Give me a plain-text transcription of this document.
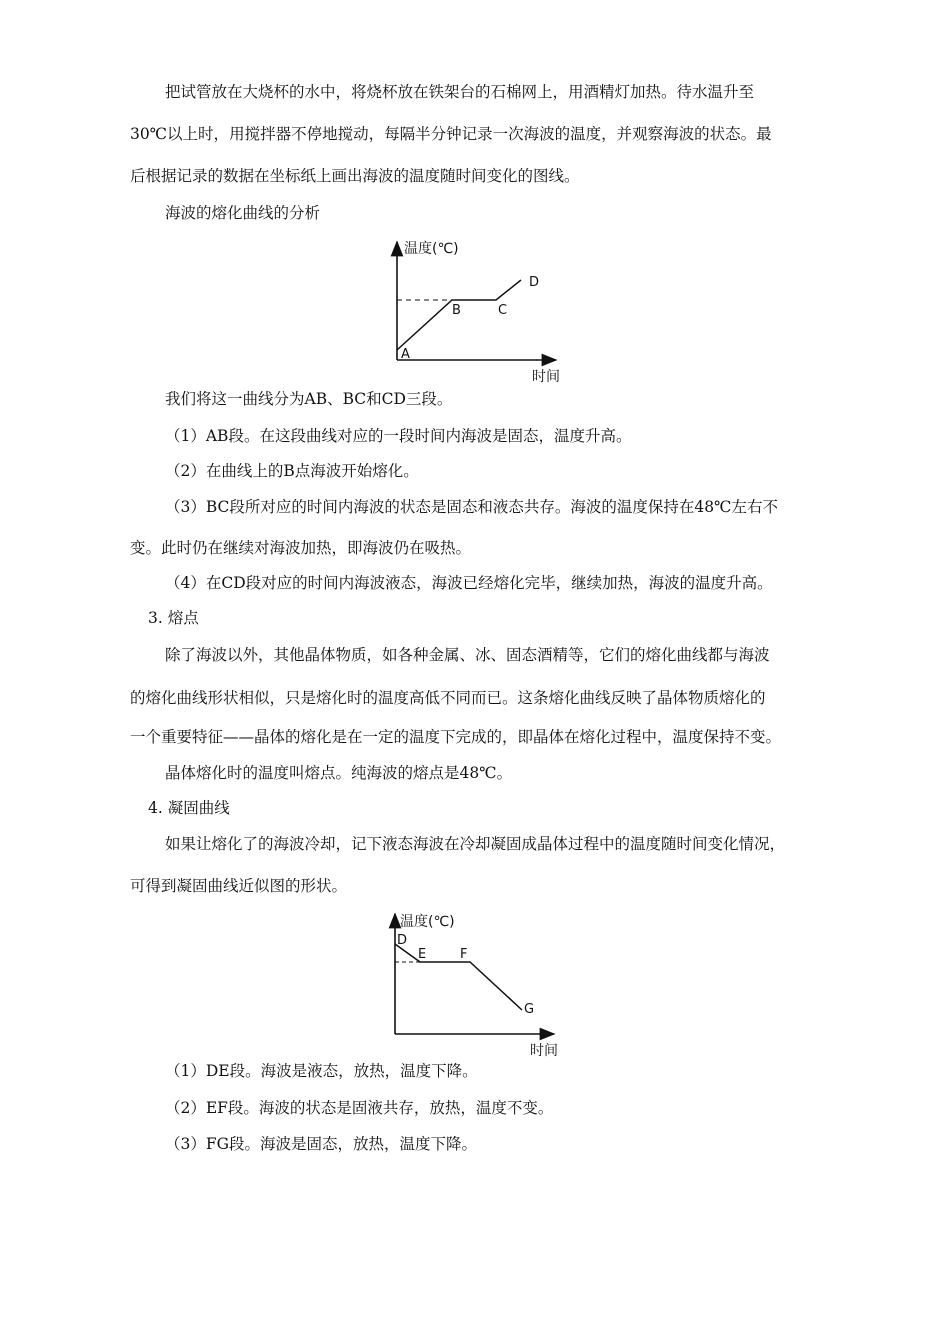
把试管放在大烧杯的水中，将烧杯放在铁架台的石棉网上，用酒精灯加热。待水温升至
30℃以上时，用搅拌器不停地搅动，每隔半分钟记录一次海波的温度，并观察海波的状态。最
后根据记录的数据在坐标纸上画出海波的温度随时间变化的图线。
海波的熔化曲线的分析
温度(℃)
时间
A
B	C
D
我们将这一曲线分为AB、BC和CD三段。
（1）AB段。在这段曲线对应的一段时间内海波是固态，温度升高。
（2）在曲线上的B点海波开始熔化。
（3）BC段所对应的时间内海波的状态是固态和液态共存。海波的温度保持在48℃左右不
变。此时仍在继续对海波加热，即海波仍在吸热。
（4）在CD段对应的时间内海波液态，海波已经熔化完毕，继续加热，海波的温度升高。
3. 熔点
除了海波以外，其他晶体物质，如各种金属、冰、固态酒精等，它们的熔化曲线都与海波
的熔化曲线形状相似，只是熔化时的温度高低不同而已。这条熔化曲线反映了晶体物质熔化的
一个重要特征——晶体的熔化是在一定的温度下完成的，即晶体在熔化过程中，温度保持不变。
晶体熔化时的温度叫熔点。纯海波的熔点是48℃。
4. 凝固曲线
如果让熔化了的海波冷却，记下液态海波在冷却凝固成晶体过程中的温度随时间变化情况，
可得到凝固曲线近似图的形状。
温度(℃)
时间
D
E	F
G
（1）DE段。海波是液态，放热，温度下降。
（2）EF段。海波的状态是固液共存，放热，温度不变。
（3）FG段。海波是固态，放热，温度下降。
